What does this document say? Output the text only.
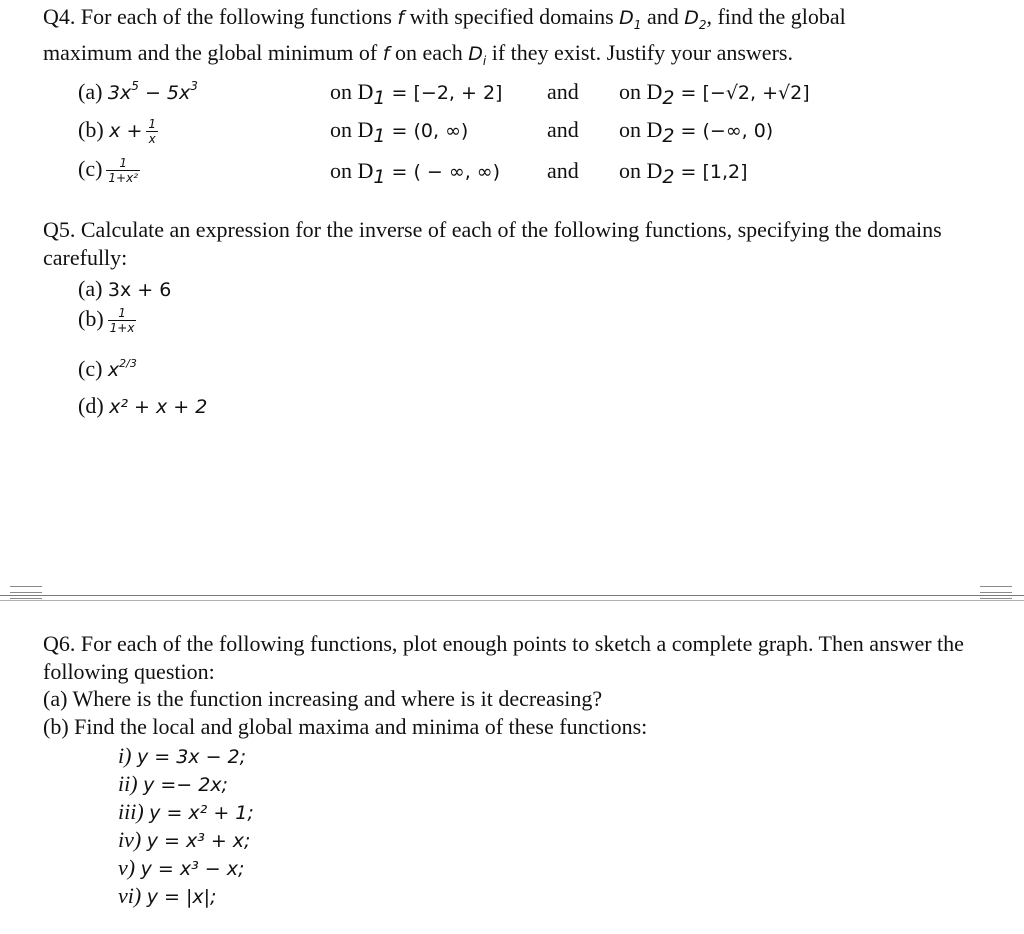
Q4. For each of the following functions f with specified domains $D_1$ and $D_2$, find the global
maximum and the global minimum of f on each $D_i$ if they exist. Justify your answers.
(a) $3x^5 - 5x^3$	on $D_1 = [-2$, + 2] and on $D_2 = [-√2$, +√2]
(b) $x + \frac{1}{x}$	on $D_1 = (0$, ∞)	and on $D_2$ = (−∞, 0)
$(c) \frac{1}{\text{1+x²}}$	on $D_1$ = ( − ∞, ∞) and on $D_2 = [1,2]$
Q5. Calculate an expression for the inverse of each of the following functions, specifying the domains carefully:
(a) 3x + 6
$(b) \frac{1}{1+x}$
(c) $x^{2/3}$
(d) x² + x + 2
Q6. For each of the following functions, plot enough points to sketch a complete graph. Then answer the following question:
(a) Where is the function increasing and where is it decreasing?
(b) Find the local and global maxima and minima of these functions:
i) y = 3x − 2;
ii) y =− 2x;
iii) y = x² + 1;
iv) y = x³ + x;
v) y = x³ − x;
vi) y = |x|;
